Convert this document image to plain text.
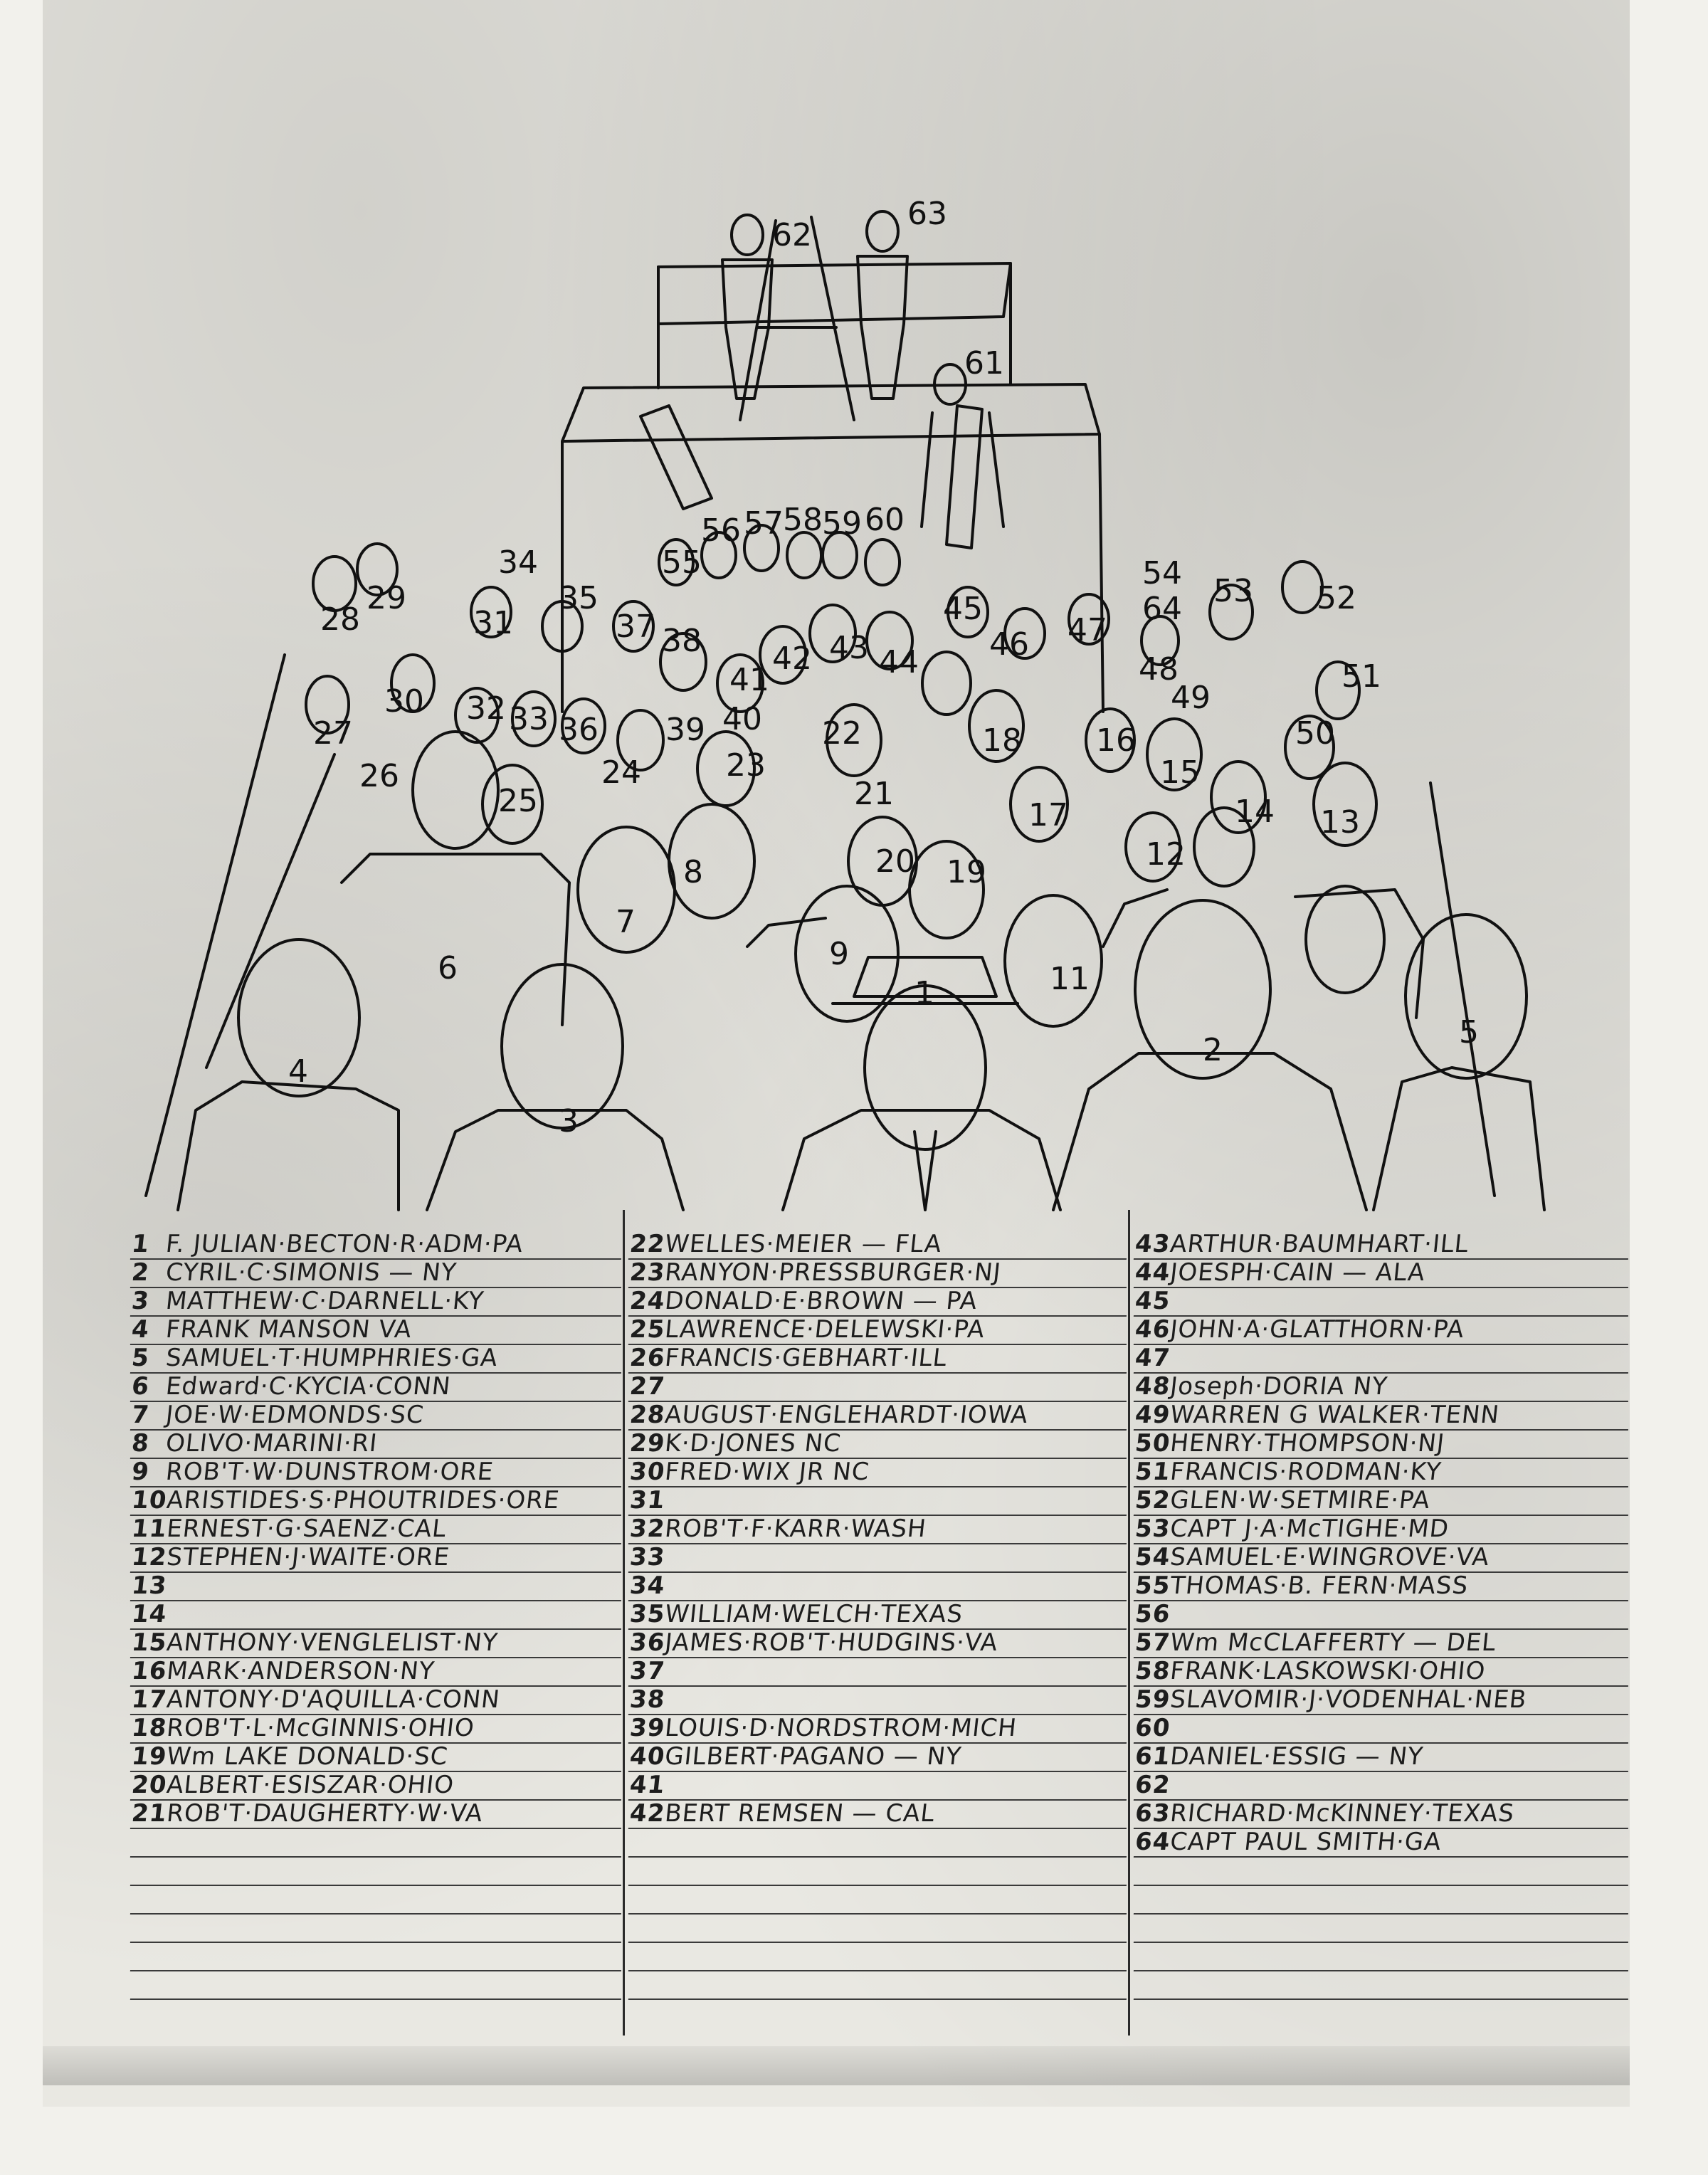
1
2
3
4
5
6
7
8
9
11
12
13
14
15
16
17
18
19
20
21
22
23
24
25
26
27
28
29
30
31
32 33
34
35
36
37 38
39 40
41
42 43 44
45
46 47
48
49
50
51
52
53
54
55
56 57 58 59 60
61
62
63
64
1 F. JULIAN·BECTON·R·ADM·PA
2 CYRIL·C·SIMONIS — NY
3 MATTHEW·C·DARNELL·KY
4 FRANK MANSON VA
5 SAMUEL·T·HUMPHRIES·GA
6 Edward·C·KYCIA·CONN
7 JOE·W·EDMONDS·SC
8 OLIVO·MARINI·RI
9 ROB'T·W·DUNSTROM·ORE
10ARISTIDES·S·PHOUTRIDES·ORE
11ERNEST·G·SAENZ·CAL
12STEPHEN·J·WAITE·ORE
13
14
15ANTHONY·VENGLELIST·NY
16MARK·ANDERSON·NY
17ANTONY·D'AQUILLA·CONN
18ROB'T·L·McGINNIS·OHIO
19Wm LAKE DONALD·SC
20ALBERT·ESISZAR·OHIO
21ROB'T·DAUGHERTY·W·VA
22WELLES·MEIER — FLA
23RANYON·PRESSBURGER·NJ
24DONALD·E·BROWN — PA
25LAWRENCE·DELEWSKI·PA
26FRANCIS·GEBHART·ILL
27
28AUGUST·ENGLEHARDT·IOWA
29K·D·JONES NC
30FRED·WIX JR NC
31
32ROB'T·F·KARR·WASH
33
34
35WILLIAM·WELCH·TEXAS
36JAMES·ROB'T·HUDGINS·VA
37
38
39LOUIS·D·NORDSTROM·MICH
40GILBERT·PAGANO — NY
41
42BERT REMSEN — CAL
43ARTHUR·BAUMHART·ILL
44JOESPH·CAIN — ALA
45
46JOHN·A·GLATTHORN·PA
47
48Joseph·DORIA NY
49WARREN G WALKER·TENN
50HENRY·THOMPSON·NJ
51FRANCIS·RODMAN·KY
52GLEN·W·SETMIRE·PA
53CAPT J·A·McTIGHE·MD
54SAMUEL·E·WINGROVE·VA
55THOMAS·B. FERN·MASS
56
57Wm McCLAFFERTY — DEL
58FRANK·LASKOWSKI·OHIO
59SLAVOMIR·J·VODENHAL·NEB
60
61DANIEL·ESSIG — NY
62
63RICHARD·McKINNEY·TEXAS
64CAPT PAUL SMITH·GA
